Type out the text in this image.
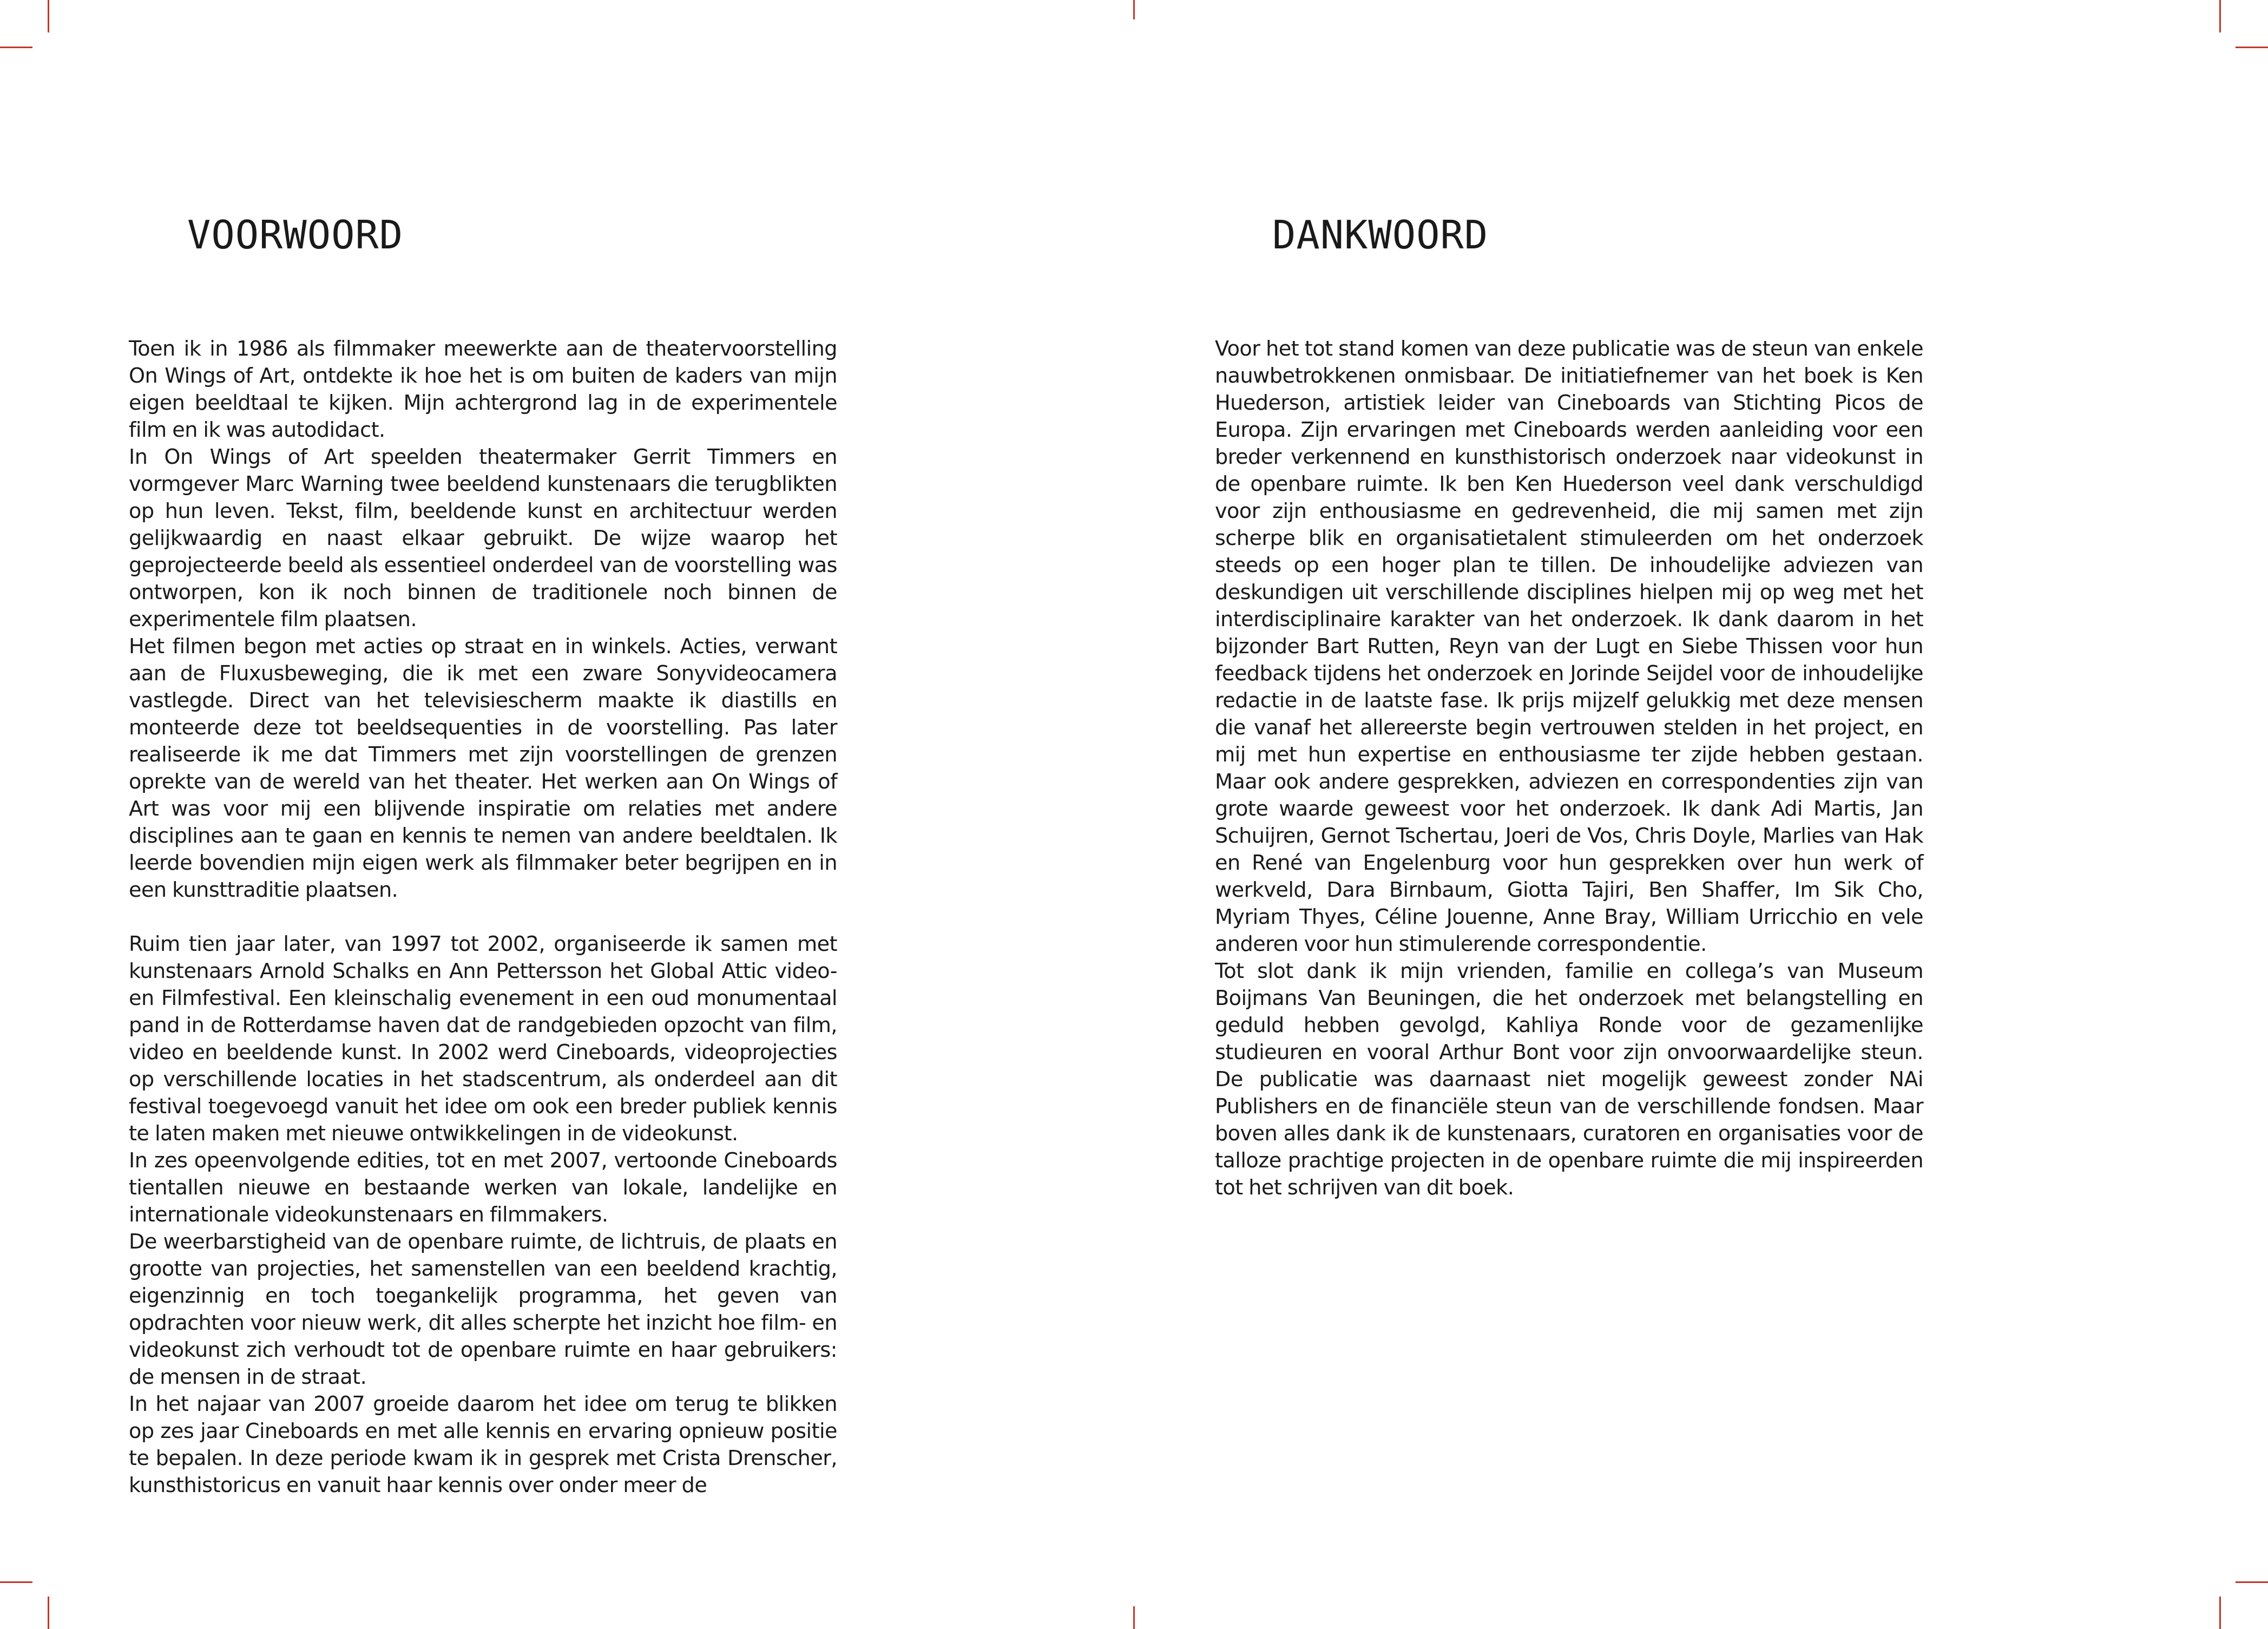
VOORWOORD

Toen ik in 1986 als filmmaker meewerkte aan de theatervoorstelling On Wings of Art, ontdekte ik hoe het is om buiten de kaders van mijn eigen beeldtaal te kijken. Mijn achtergrond lag in de experimentele film en ik was autodidact.

In On Wings of Art speelden theatermaker Gerrit Timmers en vormgever Marc Warning twee beeldend kunstenaars die terugblikten op hun leven. Tekst, film, beeldende kunst en architectuur werden gelijkwaardig en naast elkaar gebruikt. De wijze waarop het geprojecteerde beeld als essentieel onderdeel van de voorstelling was ontworpen, kon ik noch binnen de traditionele noch binnen de experimentele film plaatsen.

Het filmen begon met acties op straat en in winkels. Acties, verwant aan de Fluxusbeweging, die ik met een zware Sonyvideocamera vastlegde. Direct van het televisiescherm maakte ik diastills en monteerde deze tot beeldsequenties in de voorstelling. Pas later realiseerde ik me dat Timmers met zijn voorstellingen de grenzen oprekte van de wereld van het theater. Het werken aan On Wings of Art was voor mij een blijvende inspiratie om relaties met andere disciplines aan te gaan en kennis te nemen van andere beeldtalen. Ik leerde bovendien mijn eigen werk als filmmaker beter begrijpen en in een kunsttraditie plaatsen.

Ruim tien jaar later, van 1997 tot 2002, organiseerde ik samen met kunstenaars Arnold Schalks en Ann Pettersson het Global Attic video- en Filmfestival. Een kleinschalig evenement in een oud monumentaal pand in de Rotterdamse haven dat de randgebieden opzocht van film, video en beeldende kunst. In 2002 werd Cineboards, videoprojecties op verschillende locaties in het stadscentrum, als onderdeel aan dit festival toegevoegd vanuit het idee om ook een breder publiek kennis te laten maken met nieuwe ontwikkelingen in de videokunst.

In zes opeenvolgende edities, tot en met 2007, vertoonde Cineboards tientallen nieuwe en bestaande werken van lokale, landelijke en internationale videokunstenaars en filmmakers.

De weerbarstigheid van de openbare ruimte, de lichtruis, de plaats en grootte van projecties, het samenstellen van een beeldend krachtig, eigenzinnig en toch toegankelijk programma, het geven van opdrachten voor nieuw werk, dit alles scherpte het inzicht hoe film- en videokunst zich verhoudt tot de openbare ruimte en haar gebruikers: de mensen in de straat.

In het najaar van 2007 groeide daarom het idee om terug te blikken op zes jaar Cineboards en met alle kennis en ervaring opnieuw positie te bepalen. In deze periode kwam ik in gesprek met Crista Drenscher, kunsthistoricus en vanuit haar kennis over onder meer de

DANKWOORD

Voor het tot stand komen van deze publicatie was de steun van enkele nauwbetrokkenen onmisbaar. De initiatiefnemer van het boek is Ken Huederson, artistiek leider van Cineboards van Stichting Picos de Europa. Zijn ervaringen met Cineboards werden aanleiding voor een breder verkennend en kunsthistorisch onderzoek naar videokunst in de openbare ruimte. Ik ben Ken Huederson veel dank verschuldigd voor zijn enthousiasme en gedrevenheid, die mij samen met zijn scherpe blik en organisatietalent stimuleerden om het onderzoek steeds op een hoger plan te tillen. De inhoudelijke adviezen van deskundigen uit verschillende disciplines hielpen mij op weg met het interdisciplinaire karakter van het onderzoek. Ik dank daarom in het bijzonder Bart Rutten, Reyn van der Lugt en Siebe Thissen voor hun feedback tijdens het onderzoek en Jorinde Seijdel voor de inhoudelijke redactie in de laatste fase. Ik prijs mijzelf gelukkig met deze mensen die vanaf het allereerste begin vertrouwen stelden in het project, en mij met hun expertise en enthousiasme ter zijde hebben gestaan. Maar ook andere gesprekken, adviezen en correspondenties zijn van grote waarde geweest voor het onderzoek. Ik dank Adi Martis, Jan Schuijren, Gernot Tschertau, Joeri de Vos, Chris Doyle, Marlies van Hak en René van Engelenburg voor hun gesprekken over hun werk of werkveld, Dara Birnbaum, Giotta Tajiri, Ben Shaffer, Im Sik Cho, Myriam Thyes, Céline Jouenne, Anne Bray, William Urricchio en vele anderen voor hun stimulerende correspondentie.

Tot slot dank ik mijn vrienden, familie en collega’s van Museum Boijmans Van Beuningen, die het onderzoek met belangstelling en geduld hebben gevolgd, Kahliya Ronde voor de gezamenlijke studieuren en vooral Arthur Bont voor zijn onvoorwaardelijke steun. De publicatie was daarnaast niet mogelijk geweest zonder NAi Publishers en de financiële steun van de verschillende fondsen. Maar boven alles dank ik de kunstenaars, curatoren en organisaties voor de talloze prachtige projecten in de openbare ruimte die mij inspireerden tot het schrijven van dit boek.
